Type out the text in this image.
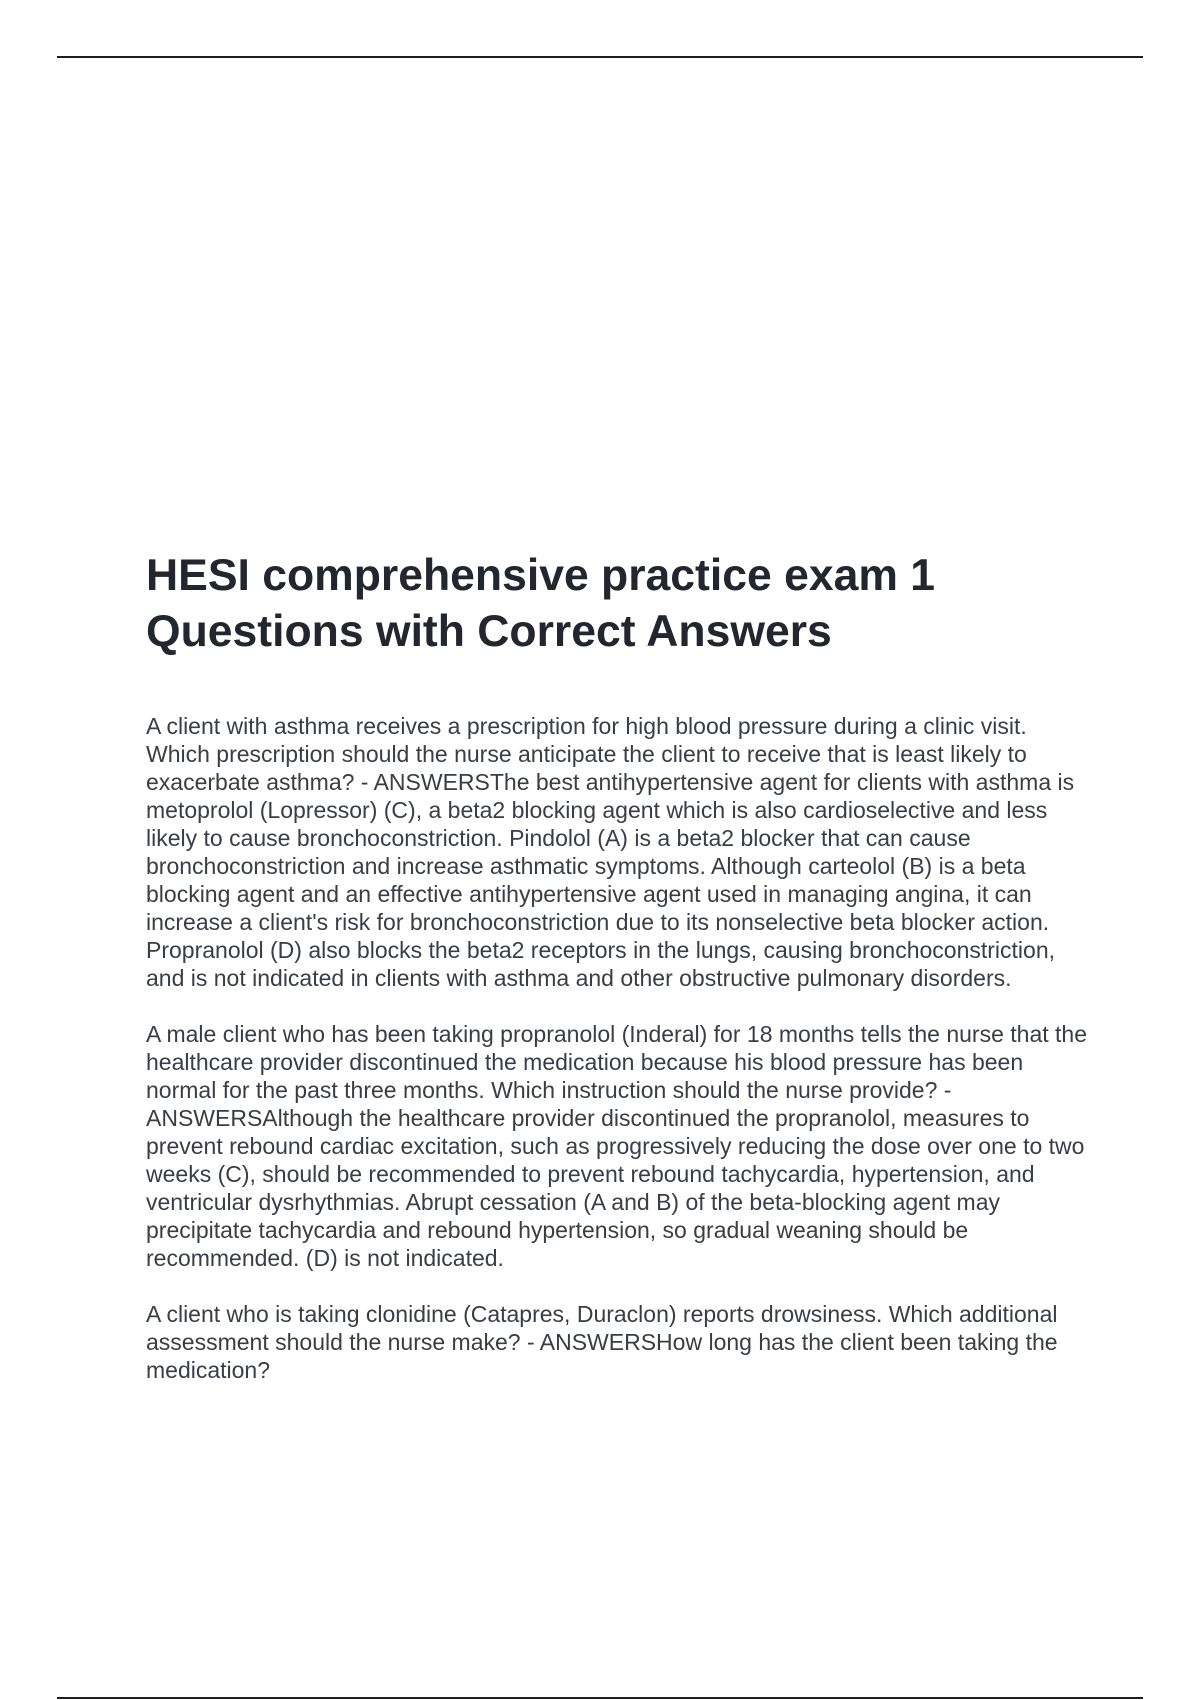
HESI comprehensive practice exam 1
Questions with Correct Answers

A client with asthma receives a prescription for high blood pressure during a clinic visit. Which prescription should the nurse anticipate the client to receive that is least likely to exacerbate asthma? - ANSWERSThe best antihypertensive agent for clients with asthma is metoprolol (Lopressor) (C), a beta2 blocking agent which is also cardioselective and less likely to cause bronchoconstriction. Pindolol (A) is a beta2 blocker that can cause bronchoconstriction and increase asthmatic symptoms. Although carteolol (B) is a beta blocking agent and an effective antihypertensive agent used in managing angina, it can increase a client's risk for bronchoconstriction due to its nonselective beta blocker action. Propranolol (D) also blocks the beta2 receptors in the lungs, causing bronchoconstriction, and is not indicated in clients with asthma and other obstructive pulmonary disorders.

A male client who has been taking propranolol (Inderal) for 18 months tells the nurse that the healthcare provider discontinued the medication because his blood pressure has been normal for the past three months. Which instruction should the nurse provide? - ANSWERSAlthough the healthcare provider discontinued the propranolol, measures to prevent rebound cardiac excitation, such as progressively reducing the dose over one to two weeks (C), should be recommended to prevent rebound tachycardia, hypertension, and ventricular dysrhythmias. Abrupt cessation (A and B) of the beta-blocking agent may precipitate tachycardia and rebound hypertension, so gradual weaning should be recommended. (D) is not indicated.

A client who is taking clonidine (Catapres, Duraclon) reports drowsiness. Which additional assessment should the nurse make? - ANSWERSHow long has the client been taking the medication?
